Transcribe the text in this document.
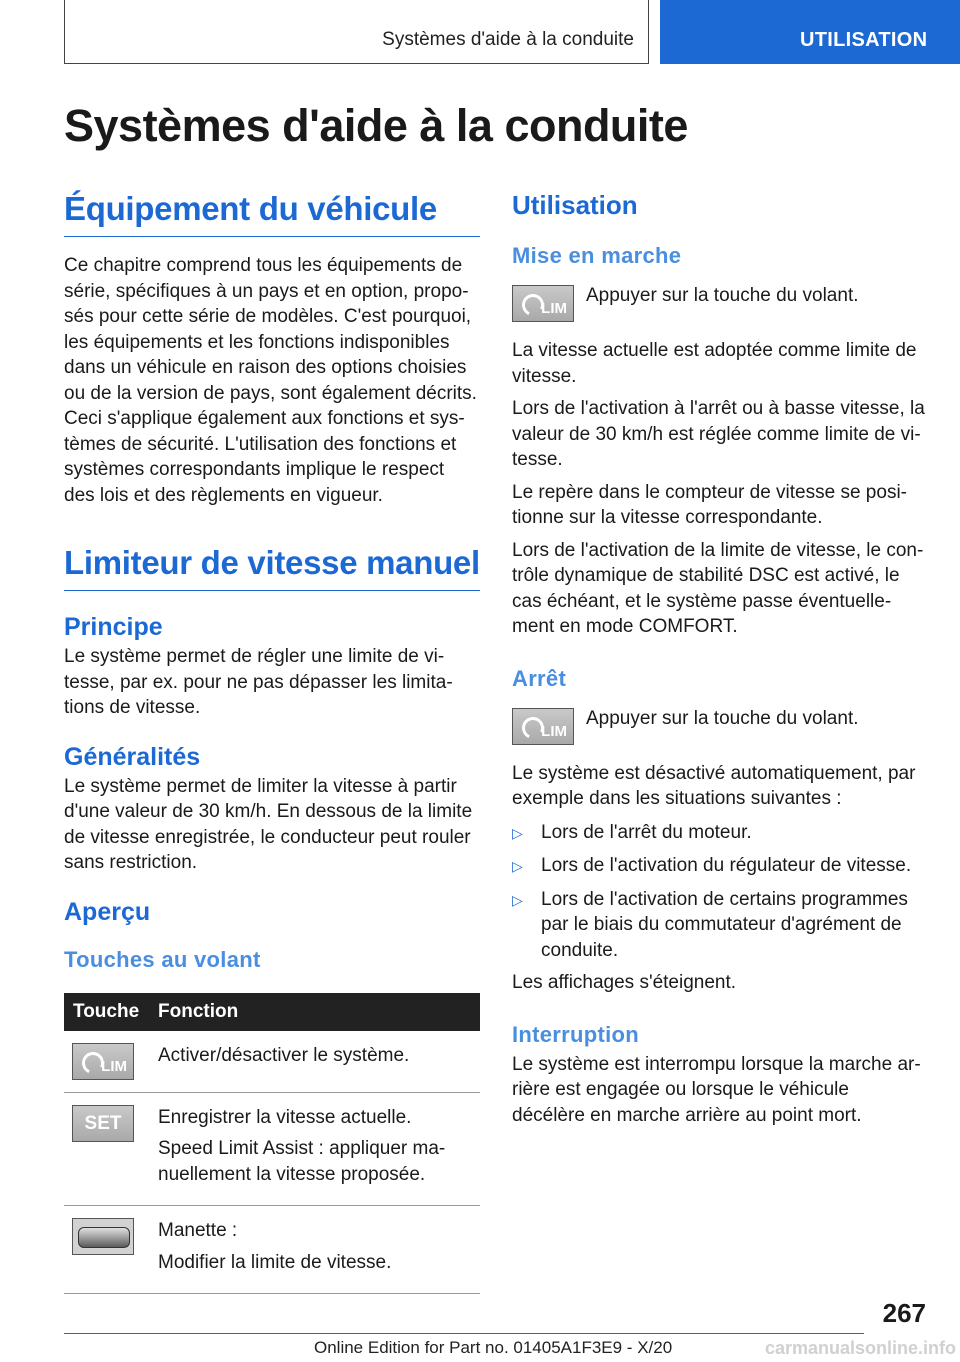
Systèmes d'aide à la conduite	UTILISATION
Systèmes d'aide à la conduite
Équipement du véhicule

Ce chapitre comprend tous les équipements de série, spécifiques à un pays et en option, proposés pour cette série de modèles. C'est pourquoi, les équipements et les fonctions indisponibles dans un véhicule en raison des options choisies ou de la version de pays, sont également décrits. Ceci s'applique également aux fonctions et systèmes de sécurité. L'utilisation des fonctions et systèmes correspondants implique le respect des lois et des règlements en vigueur.

Limiteur de vitesse manuel
Principe

Le système permet de régler une limite de vitesse, par ex. pour ne pas dépasser les limitations de vitesse.

Généralités

Le système permet de limiter la vitesse à partir d'une valeur de 30 km/h. En dessous de la limite de vitesse enregistrée, le conducteur peut rouler sans restriction.

Aperçu
Touches au volant
Touche	Fonction

LIM	Activer/désactiver le système.

SET	Enregistrer la vitesse actuelle.

Speed Limit Assist : appliquer manuellement la vitesse proposée.

	Manette :

Modifier la limite de vitesse.

Utilisation
Mise en marche
LIM

Appuyer sur la touche du volant.

La vitesse actuelle est adoptée comme limite de vitesse.

Lors de l'activation à l'arrêt ou à basse vitesse, la valeur de 30 km/h est réglée comme limite de vitesse.

Le repère dans le compteur de vitesse se positionne sur la vitesse correspondante.

Lors de l'activation de la limite de vitesse, le contrôle dynamique de stabilité DSC est activé, le cas échéant, et le système passe éventuellement en mode COMFORT.

Arrêt
LIM

Appuyer sur la touche du volant.

Le système est désactivé automatiquement, par exemple dans les situations suivantes :

▷ Lors de l'arrêt du moteur.
▷ Lors de l'activation du régulateur de vitesse.
▷ Lors de l'activation de certains programmes par le biais du commutateur d'agrément de conduite.

Les affichages s'éteignent.

Interruption

Le système est interrompu lorsque la marche arrière est engagée ou lorsque le véhicule décélère en marche arrière au point mort.

267
Online Edition for Part no. 01405A1F3E9 - X/20	carmanualsonline.info
